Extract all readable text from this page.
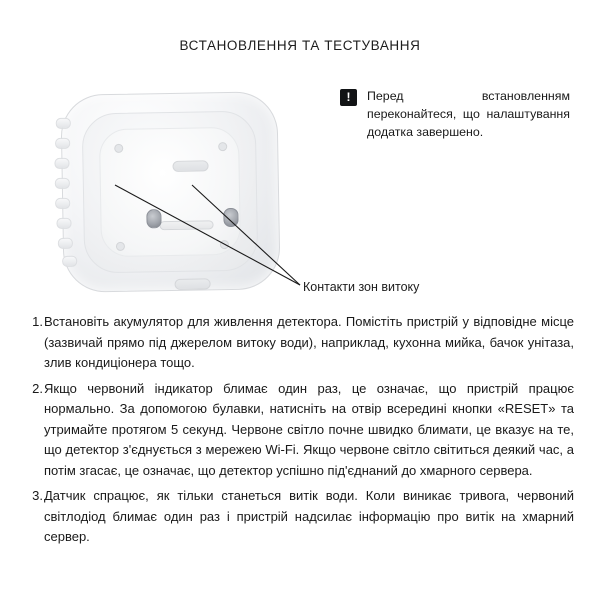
ВСТАНОВЛЕННЯ ТА ТЕСТУВАННЯ
Контакти зон витоку
!	Перед встановленням переконайтеся, що налаштування додатка завершено.
1. Встановіть акумулятор для живлення детектора. Помістіть пристрій у відповідне місце (зазвичай прямо під джерелом витоку води), наприклад, кухонна мийка, бачок унітаза, злив кондиціонера тощо.
2. Якщо червоний індикатор блимає один раз, це означає, що пристрій працює нормально. За допомогою булавки, натисніть на отвір всередині кнопки «RESET» та утримайте протягом 5 секунд. Червоне світло почне швидко блимати, це вказує на те, що детектор з'єднується з мережею Wi-Fi. Якщо червоне світло світиться деякий час, а потім згасає, це означає, що детектор успішно під'єднаний до хмарного сервера.
3. Датчик спрацює, як тільки станеться витік води. Коли виникає тривога, червоний світлодіод блимає один раз і пристрій надсилає інформацію про витік на хмарний сервер.
